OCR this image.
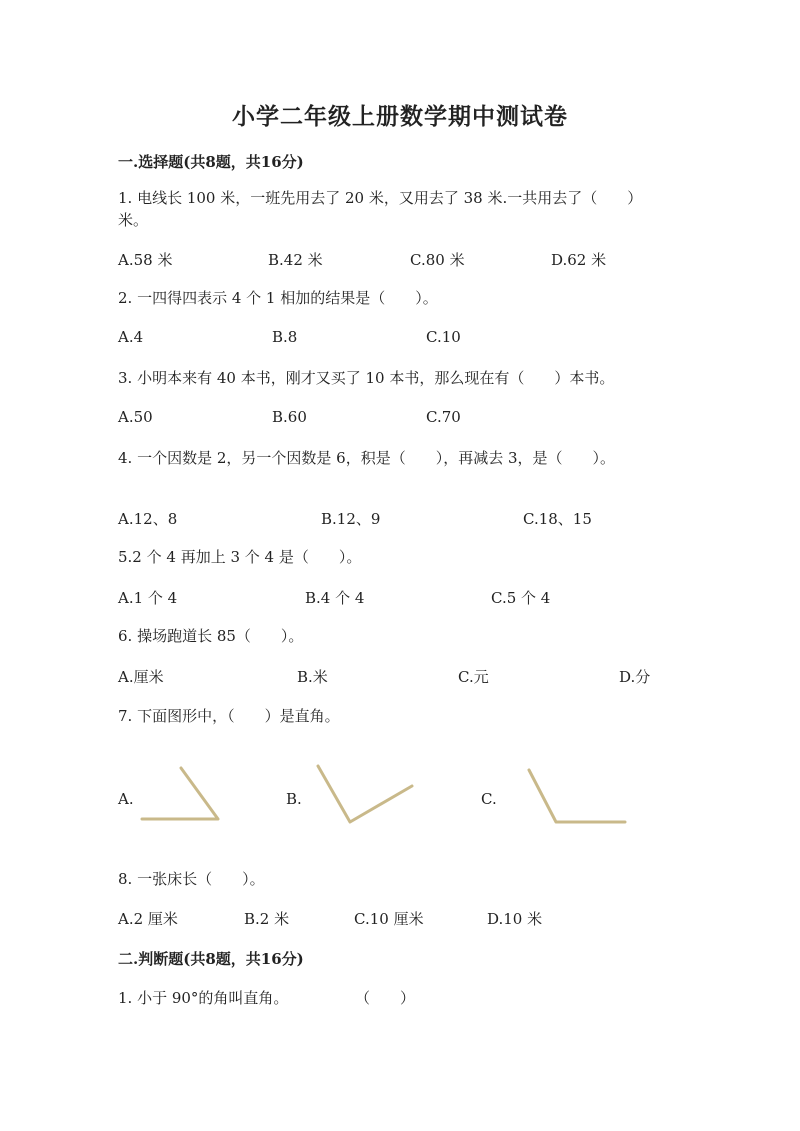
小学二年级上册数学期中测试卷
一.选择题(共8题，共16分)
1. 电线长 100 米，一班先用去了 20 米，又用去了 38 米.一共用去了（　　）
米。
A.58 米	B.42 米	C.80 米	D.62 米
2. 一四得四表示 4 个 1 相加的结果是（　　）。
A.4	B.8	C.10
3. 小明本来有 40 本书，刚才又买了 10 本书，那么现在有（　　）本书。
A.50	B.60	C.70
4. 一个因数是 2，另一个因数是 6，积是（　　），再减去 3，是（　　）。
A.12、8	B.12、9	C.18、15
5.2 个 4 再加上 3 个 4 是（　　）。
A.1 个 4	B.4 个 4	C.5 个 4
6. 操场跑道长 85（　　）。
A.厘米	B.米	C.元	D.分
7. 下面图形中，（　　）是直角。
A.	B.	C.
8. 一张床长（　　）。
A.2 厘米	B.2 米	C.10 厘米	D.10 米
二.判断题(共8题，共16分)
1. 小于 90°的角叫直角。	（　　）
